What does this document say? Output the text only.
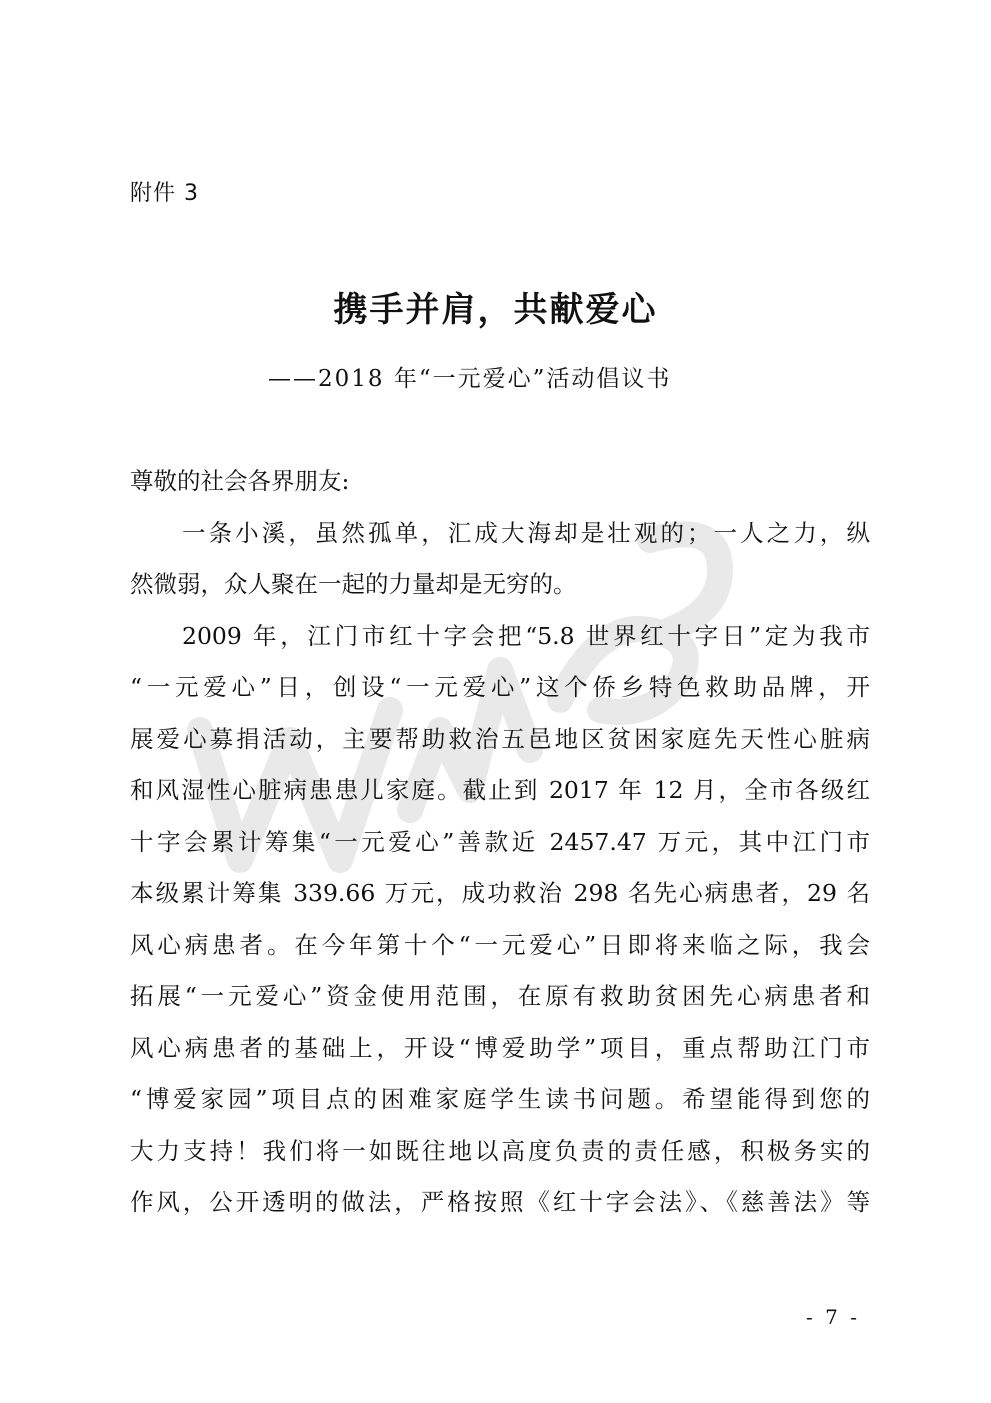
附件 3
携手并肩，共献爱心
——2018 年“一元爱心”活动倡议书
尊敬的社会各界朋友:
一条小溪，虽然孤单，汇成大海却是壮观的；一人之力，纵
然微弱，众人聚在一起的力量却是无穷的。
2009 年，江门市红十字会把“5.8 世界红十字日”定为我市
“一元爱心”日，创设“一元爱心”这个侨乡特色救助品牌，开
展爱心募捐活动，主要帮助救治五邑地区贫困家庭先天性心脏病
和风湿性心脏病患患儿家庭。截止到 2017 年 12 月，全市各级红
十字会累计筹集“一元爱心”善款近 2457.47 万元，其中江门市
本级累计筹集 339.66 万元，成功救治 298 名先心病患者，29 名
风心病患者。在今年第十个“一元爱心”日即将来临之际，我会
拓展“一元爱心”资金使用范围，在原有救助贫困先心病患者和
风心病患者的基础上，开设“博爱助学”项目，重点帮助江门市
“博爱家园”项目点的困难家庭学生读书问题。希望能得到您的
大力支持！我们将一如既往地以高度负责的责任感，积极务实的
作风，公开透明的做法，严格按照《红十字会法》、《慈善法》等
- 7 -
